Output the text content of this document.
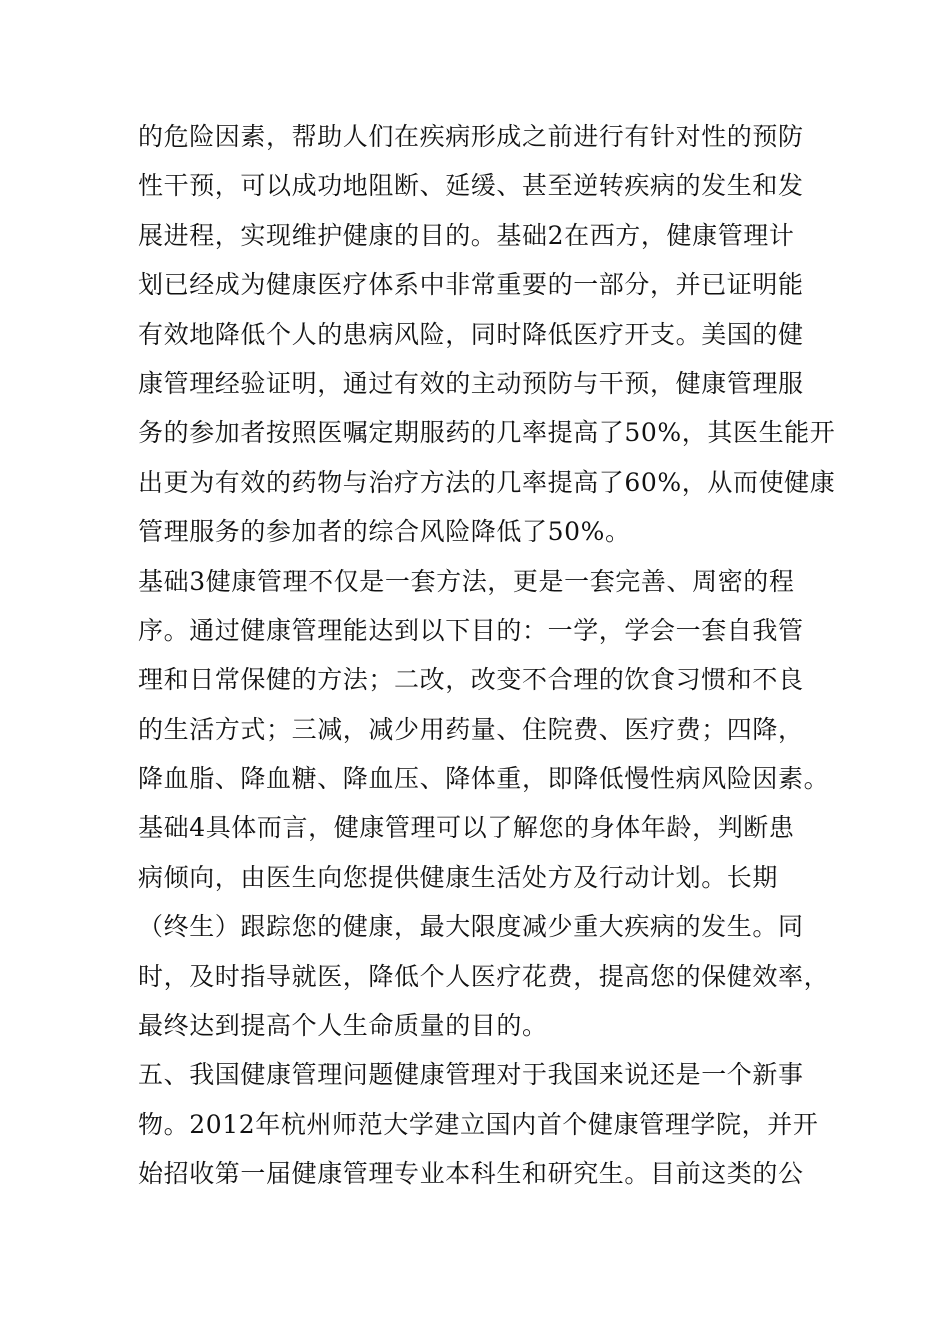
的危险因素，帮助人们在疾病形成之前进行有针对性的预防
性干预，可以成功地阻断、延缓、甚至逆转疾病的发生和发
展进程，实现维护健康的目的。基础2在西方，健康管理计
划已经成为健康医疗体系中非常重要的一部分，并已证明能
有效地降低个人的患病风险，同时降低医疗开支。美国的健
康管理经验证明，通过有效的主动预防与干预，健康管理服
务的参加者按照医嘱定期服药的几率提高了50%，其医生能开
出更为有效的药物与治疗方法的几率提高了60%，从而使健康
管理服务的参加者的综合风险降低了50%。
基础3健康管理不仅是一套方法，更是一套完善、周密的程
序。通过健康管理能达到以下目的：一学，学会一套自我管
理和日常保健的方法；二改，改变不合理的饮食习惯和不良
的生活方式；三减，减少用药量、住院费、医疗费；四降，
降血脂、降血糖、降血压、降体重，即降低慢性病风险因素。
基础4具体而言，健康管理可以了解您的身体年龄，判断患
病倾向，由医生向您提供健康生活处方及行动计划。长期
（终生）跟踪您的健康，最大限度减少重大疾病的发生。同
时，及时指导就医，降低个人医疗花费，提高您的保健效率，
最终达到提高个人生命质量的目的。
五、我国健康管理问题健康管理对于我国来说还是一个新事
物。2012年杭州师范大学建立国内首个健康管理学院，并开
始招收第一届健康管理专业本科生和研究生。目前这类的公
